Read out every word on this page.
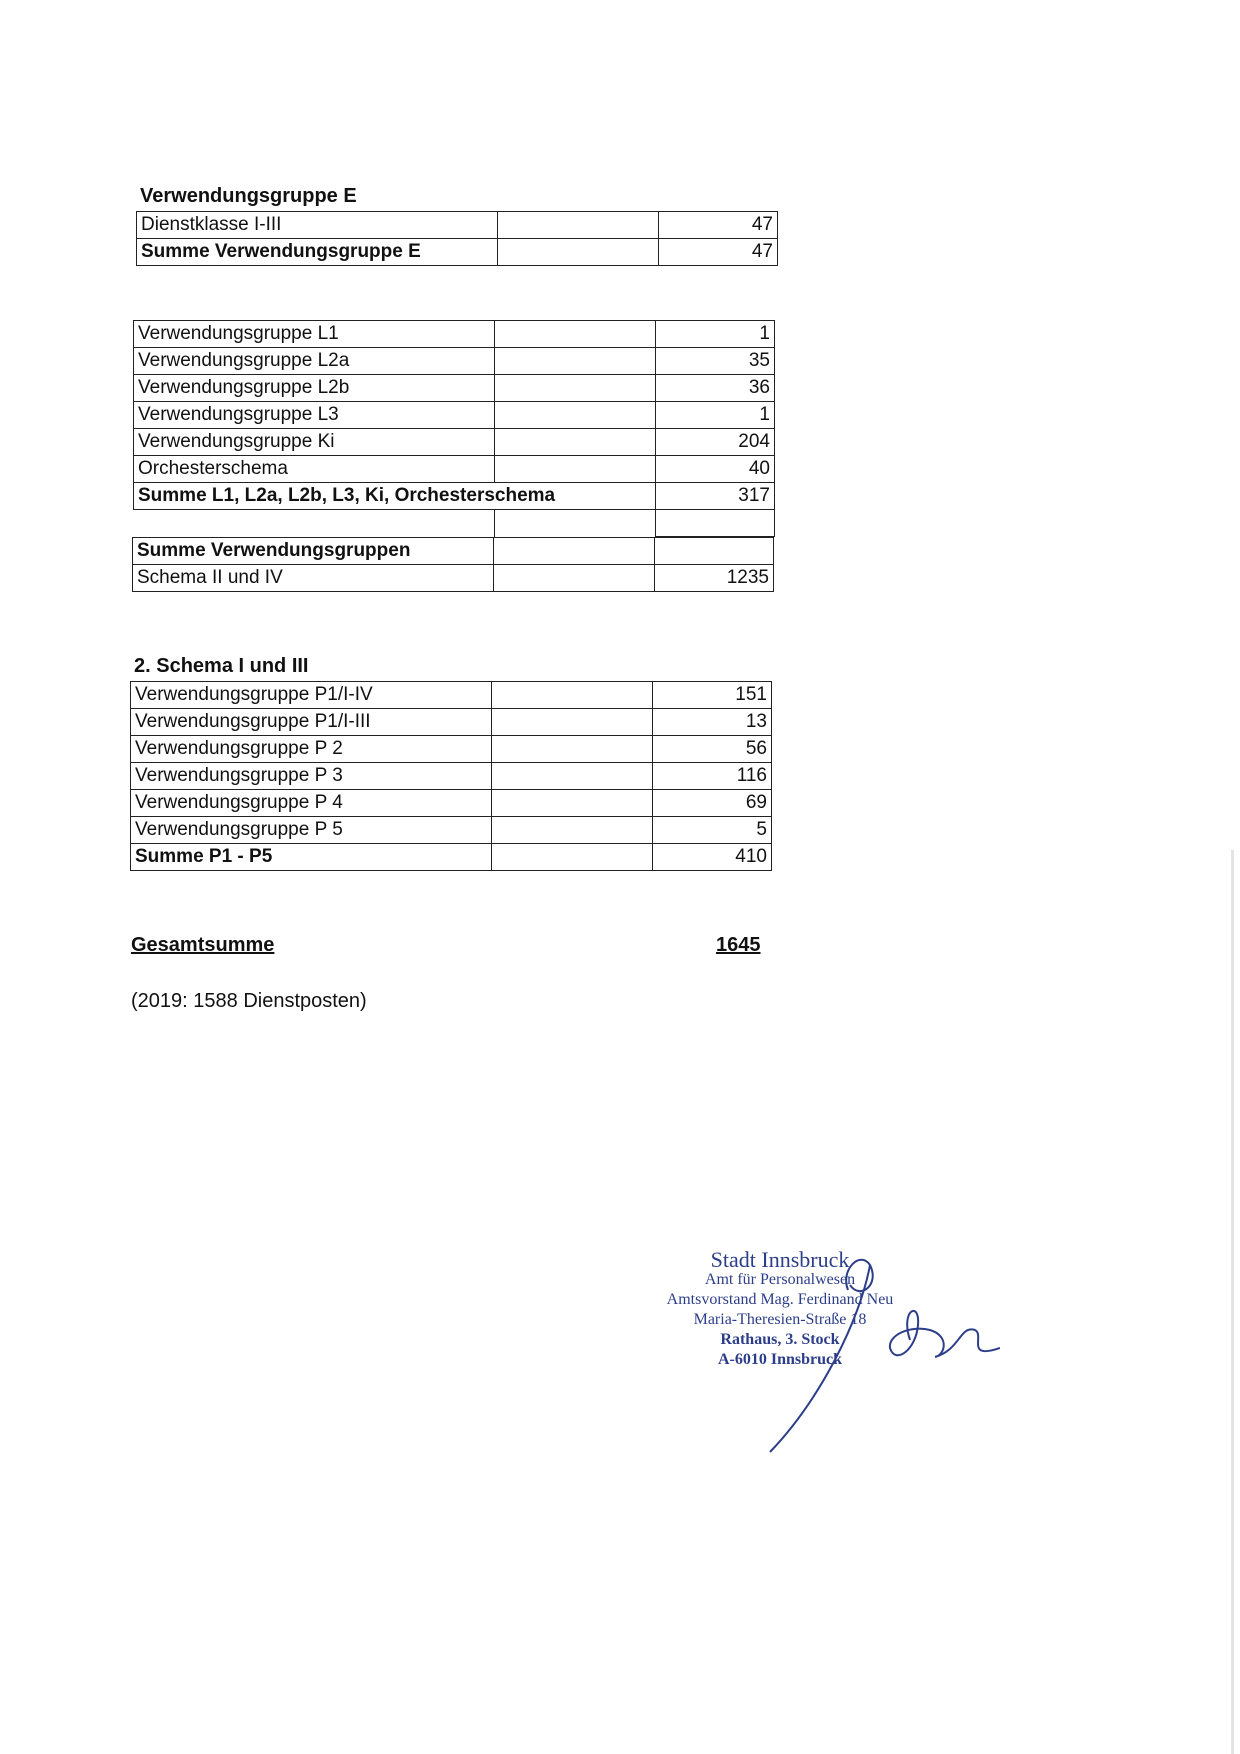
Verwendungsgruppe E
Dienstklasse I-III		47
Summe Verwendungsgruppe E		47
Verwendungsgruppe L1		1
Verwendungsgruppe L2a		35
Verwendungsgruppe L2b		36
Verwendungsgruppe L3		1
Verwendungsgruppe Ki		204
Orchesterschema		40
Summe L1, L2a, L2b, L3, Ki, Orchesterschema		317

Summe Verwendungsgruppen		
Schema II und IV		1235
2. Schema I und III
Verwendungsgruppe P1/I-IV		151
Verwendungsgruppe P1/I-III		13
Verwendungsgruppe P 2		56
Verwendungsgruppe P 3		116
Verwendungsgruppe P 4		69
Verwendungsgruppe P 5		5
Summe P1 - P5		410
Gesamtsumme	1645
(2019: 1588 Dienstposten)
Stadt Innsbruck
Amt für Personalwesen
Amtsvorstand Mag. Ferdinand Neu
Maria-Theresien-Straße 18
Rathaus, 3. Stock
A-6010 Innsbruck
